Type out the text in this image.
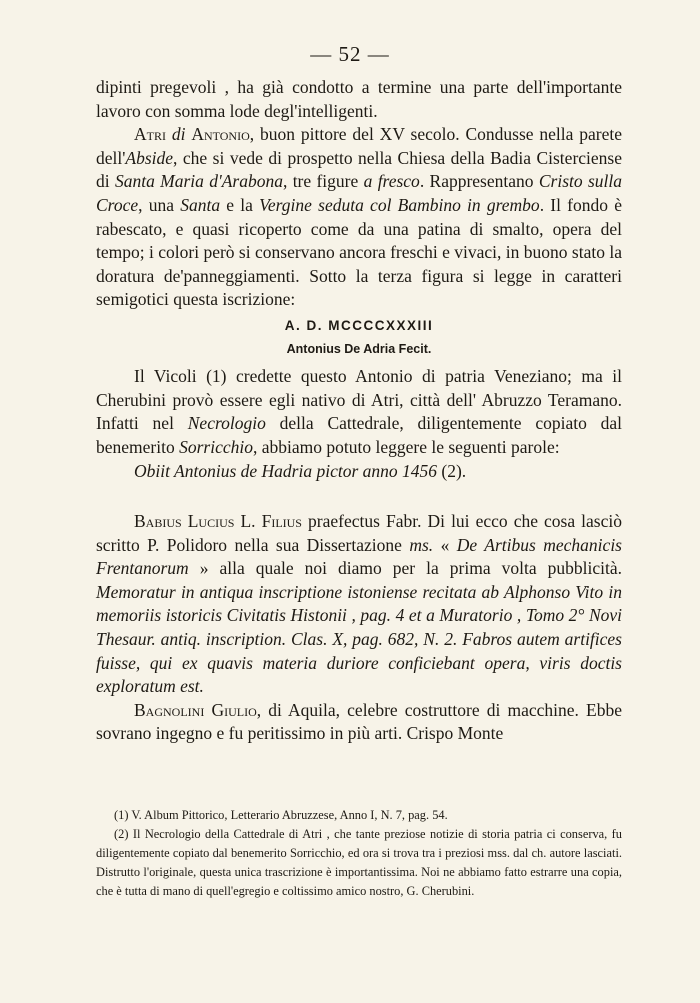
— 52 —

dipinti pregevoli , ha già condotto a termine una parte dell'importante lavoro con somma lode degl'intelligenti.

Atri di Antonio, buon pittore del XV secolo. Condusse nella parete dell'Abside, che si vede di prospetto nella Chiesa della Badia Cisterciense di Santa Maria d'Arabona, tre figure a fresco. Rappresentano Cristo sulla Croce, una Santa e la Vergine seduta col Bambino in grembo. Il fondo è rabescato, e quasi ricoperto come da una patina di smalto, opera del tempo; i colori però si conservano ancora freschi e vivaci, in buono stato la doratura de'panneggiamenti. Sotto la terza figura si legge in caratteri semigotici questa iscrizione:

A. D. MCCCCXXXIII
Antonius De Adria Fecit.

Il Vicoli (1) credette questo Antonio di patria Veneziano; ma il Cherubini provò essere egli nativo di Atri, città dell' Abruzzo Teramano. Infatti nel Necrologio della Cattedrale, diligentemente copiato dal benemerito Sorricchio, abbiamo potuto leggere le seguenti parole:

Obiit Antonius de Hadria pictor anno 1456 (2).

Babius Lucius L. Filius praefectus Fabr. Di lui ecco che cosa lasciò scritto P. Polidoro nella sua Dissertazione ms. « De Artibus mechanicis Frentanorum » alla quale noi diamo per la prima volta pubblicità. Memoratur in antiqua inscriptione istoniense recitata ab Alphonso Vito in memoriis istoricis Civitatis Histonii , pag. 4 et a Muratorio , Tomo 2° Novi Thesaur. antiq. inscription. Clas. X, pag. 682, N. 2. Fabros autem artifices fuisse, qui ex quavis materia duriore conficiebant opera, viris doctis exploratum est.

Bagnolini Giulio, di Aquila, celebre costruttore di macchine. Ebbe sovrano ingegno e fu peritissimo in più arti. Crispo Monte

(1) V. Album Pittorico, Letterario Abruzzese, Anno I, N. 7, pag. 54.

(2) Il Necrologio della Cattedrale di Atri , che tante preziose notizie di storia patria ci conserva, fu diligentemente copiato dal benemerito Sorricchio, ed ora si trova tra i preziosi mss. dal ch. autore lasciati. Distrutto l'originale, questa unica trascrizione è importantissima. Noi ne abbiamo fatto estrarre una copia, che è tutta di mano di quell'egregio e coltissimo amico nostro, G. Cherubini.
